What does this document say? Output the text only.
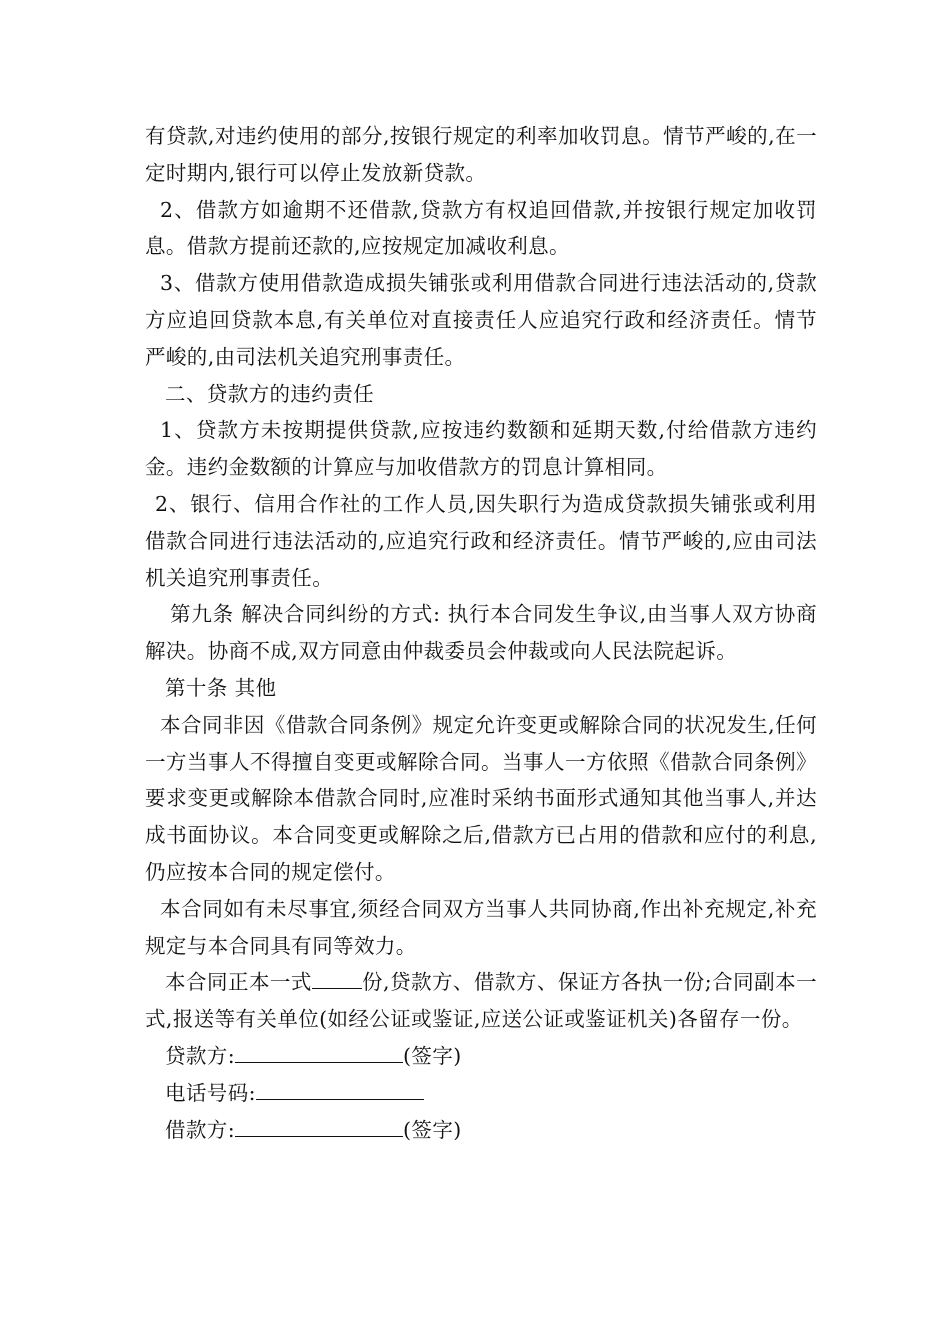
有贷款,对违约使用的部分,按银行规定的利率加收罚息。情节严峻的,在一定时期内,银行可以停止发放新贷款。

2、借款方如逾期不还借款,贷款方有权追回借款,并按银行规定加收罚息。借款方提前还款的,应按规定加减收利息。

3、借款方使用借款造成损失铺张或利用借款合同进行违法活动的,贷款方应追回贷款本息,有关单位对直接责任人应追究行政和经济责任。情节严峻的,由司法机关追究刑事责任。

二、贷款方的违约责任

1、贷款方未按期提供贷款,应按违约数额和延期天数,付给借款方违约金。违约金数额的计算应与加收借款方的罚息计算相同。

2、银行、信用合作社的工作人员,因失职行为造成贷款损失铺张或利用借款合同进行违法活动的,应追究行政和经济责任。情节严峻的,应由司法机关追究刑事责任。

第九条 解决合同纠纷的方式: 执行本合同发生争议,由当事人双方协商解决。协商不成,双方同意由仲裁委员会仲裁或向人民法院起诉。

第十条 其他

本合同非因《借款合同条例》规定允许变更或解除合同的状况发生,任何一方当事人不得擅自变更或解除合同。当事人一方依照《借款合同条例》要求变更或解除本借款合同时,应准时采纳书面形式通知其他当事人,并达成书面协议。本合同变更或解除之后,借款方已占用的借款和应付的利息,仍应按本合同的规定偿付。

本合同如有未尽事宜,须经合同双方当事人共同协商,作出补充规定,补充规定与本合同具有同等效力。

本合同正本一式 份,贷款方、借款方、保证方各执一份;合同副本一式,报送等有关单位(如经公证或鉴证,应送公证或鉴证机关)各留存一份。

贷款方:	(签字)

电话号码:

借款方:	(签字)
